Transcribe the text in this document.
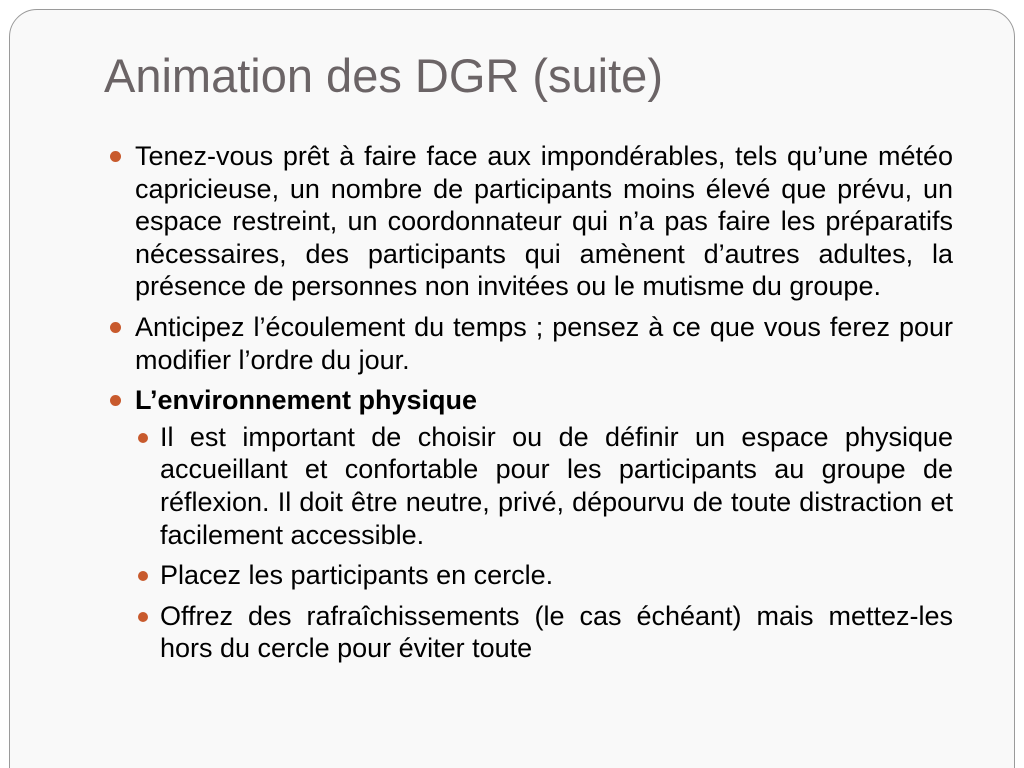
Animation des DGR (suite)
Tenez-vous prêt à faire face aux impondérables, tels qu’une météo capricieuse, un nombre de participants moins élevé que prévu, un espace restreint, un coordonnateur qui n’a pas faire les préparatifs nécessaires, des participants qui amènent d’autres adultes, la présence de personnes non invitées ou le mutisme du groupe.
Anticipez l’écoulement du temps ; pensez à ce que vous ferez pour modifier l’ordre du jour.
L’environnement physique
Il est important de choisir ou de définir un espace physique accueillant et confortable pour les participants au groupe de réflexion. Il doit être neutre, privé, dépourvu de toute distraction et facilement accessible.
Placez les participants en cercle.
Offrez des rafraîchissements (le cas échéant) mais mettez-les hors du cercle pour éviter toute
